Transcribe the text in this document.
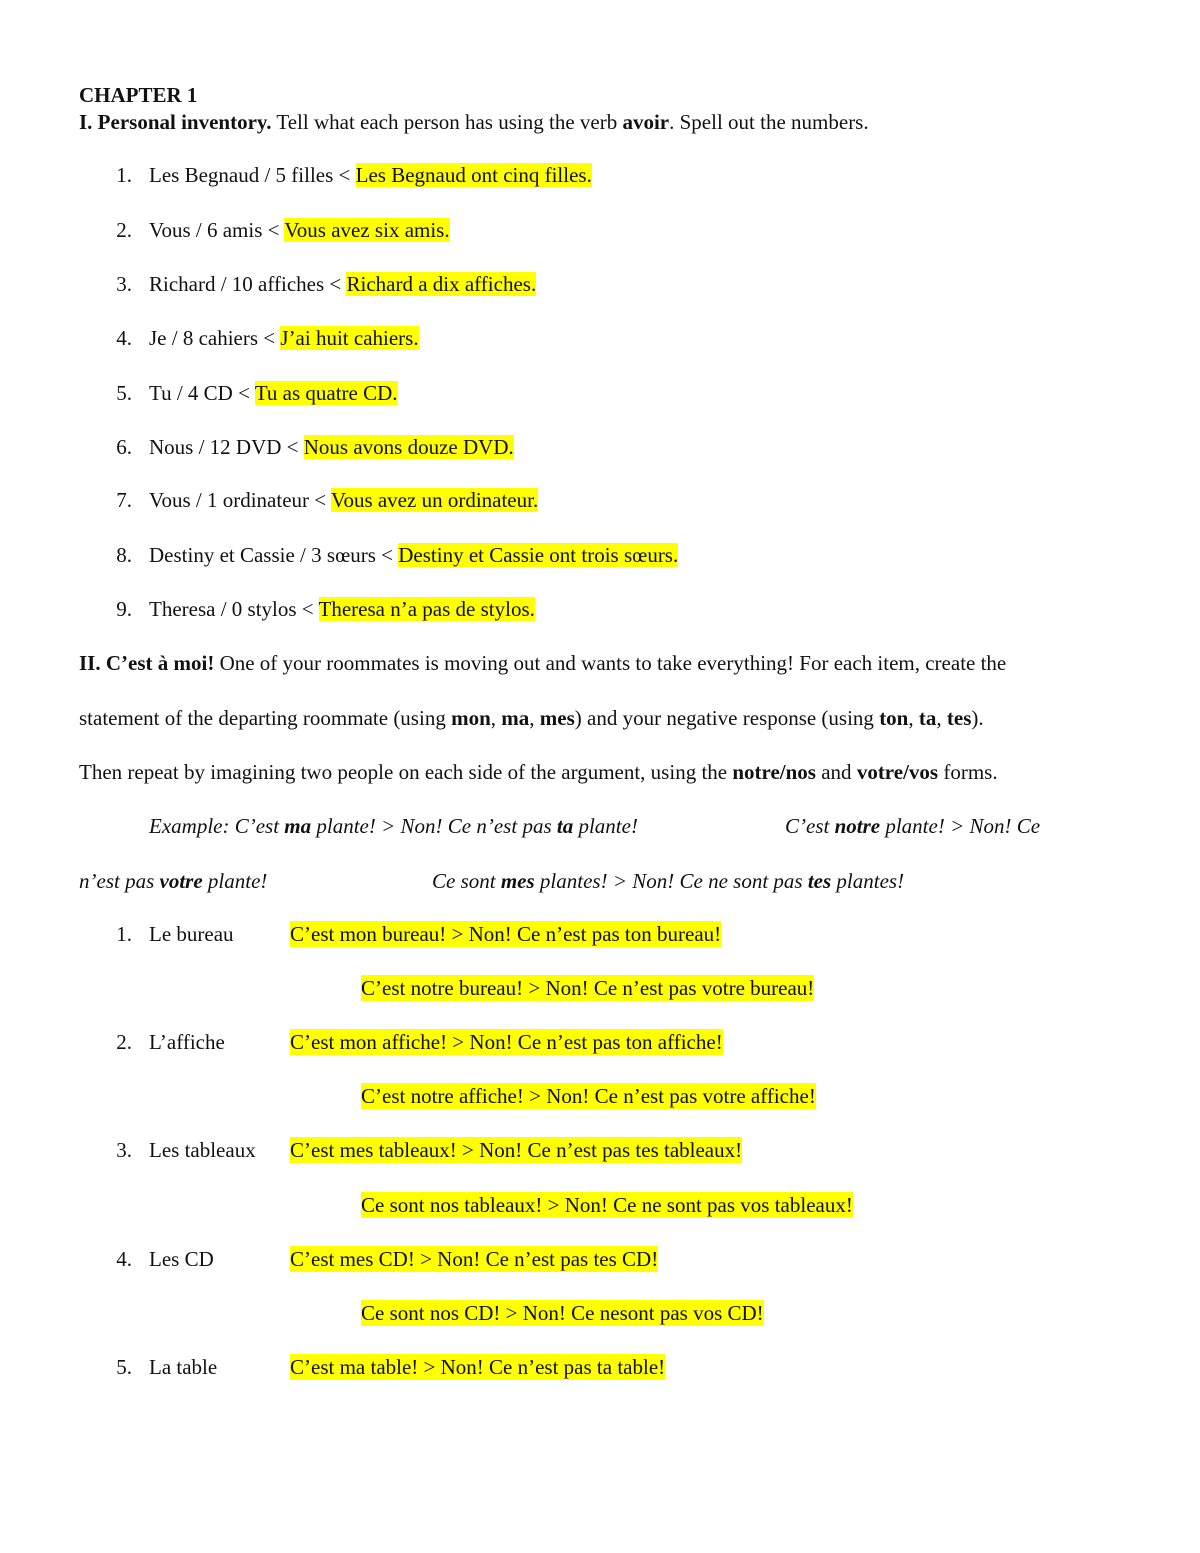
CHAPTER 1
I. Personal inventory. Tell what each person has using the verb avoir. Spell out the numbers.
1. Les Begnaud / 5 filles < Les Begnaud ont cinq filles.
2. Vous / 6 amis < Vous avez six amis.
3. Richard / 10 affiches < Richard a dix affiches.
4. Je / 8 cahiers < J’ai huit cahiers.
5. Tu / 4 CD < Tu as quatre CD.
6. Nous / 12 DVD < Nous avons douze DVD.
7. Vous / 1 ordinateur < Vous avez un ordinateur.
8. Destiny et Cassie / 3 sœurs < Destiny et Cassie ont trois sœurs.
9. Theresa / 0 stylos < Theresa n’a pas de stylos.
II. C’est à moi! One of your roommates is moving out and wants to take everything! For each item, create the
statement of the departing roommate (using mon, ma, mes) and your negative response (using ton, ta, tes).
Then repeat by imagining two people on each side of the argument, using the notre/nos and votre/vos forms.
Example: C’est ma plante! > Non! Ce n’est pas ta plante!	C’est notre plante! > Non! Ce
n’est pas votre plante!	Ce sont mes plantes! > Non! Ce ne sont pas tes plantes!
1. Le bureau	C’est mon bureau! > Non! Ce n’est pas ton bureau!
C’est notre bureau! > Non! Ce n’est pas votre bureau!
2. L’affiche	C’est mon affiche! > Non! Ce n’est pas ton affiche!
C’est notre affiche! > Non! Ce n’est pas votre affiche!
3. Les tableaux C’est mes tableaux! > Non! Ce n’est pas tes tableaux!
Ce sont nos tableaux! > Non! Ce ne sont pas vos tableaux!
4. Les CD	C’est mes CD! > Non! Ce n’est pas tes CD!
Ce sont nos CD! > Non! Ce nesont pas vos CD!
5. La table	C’est ma table! > Non! Ce n’est pas ta table!
